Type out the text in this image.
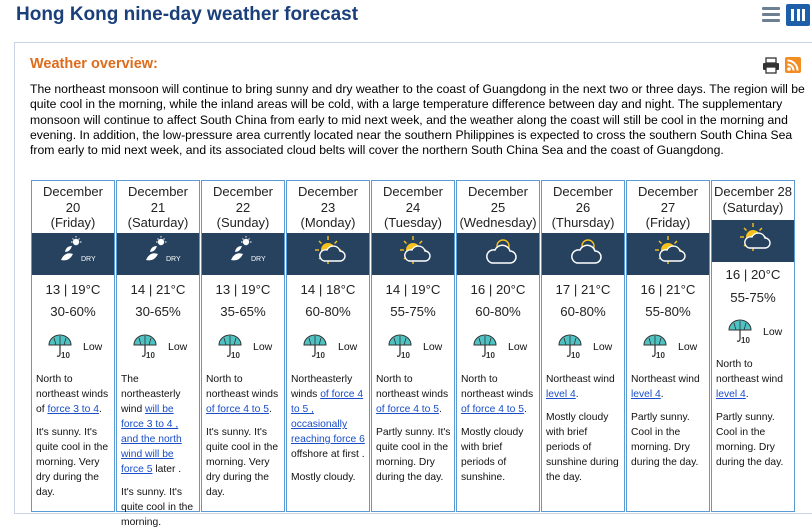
Hong Kong nine-day weather forecast
Weather overview:
The northeast monsoon will continue to bring sunny and dry weather to the coast of Guangdong in the next two or three days. The region will be quite cool in the morning, while the inland areas will be cold, with a large temperature difference between day and night. The supplementary monsoon will continue to affect South China from early to mid next week, and the weather along the coast will still be cool in the morning and evening. In addition, the low-pressure area currently located near the southern Philippines is expected to cross the southern South China Sea from early to mid next week, and its associated cloud belts will cover the northern South China Sea and the coast of Guangdong.
December
20
(Friday)
DRY
13 | 19°C
30-60%
10
Low
North to northeast winds of force 3 to 4.
It's sunny. It's quite cool in the morning. Very dry during the day.
December
21
(Saturday)
DRY
14 | 21°C
30-65%
10
Low
The northeasterly wind will be force 3 to 4 , and the north wind will be force 5 later .
It's sunny. It's quite cool in the morning.
December
22
(Sunday)
DRY
13 | 19°C
35-65%
10
Low
North to northeast winds of force 4 to 5.
It's sunny. It's quite cool in the morning. Very dry during the day.
December
23
(Monday)
14 | 18°C
60-80%
10
Low
Northeasterly winds of force 4 to 5 , occasionally reaching force 6 offshore at first .
Mostly cloudy.
December
24
(Tuesday)
14 | 19°C
55-75%
10
Low
North to northeast winds of force 4 to 5.
Partly sunny. It's quite cool in the morning. Dry during the day.
December
25
(Wednesday)
16 | 20°C
60-80%
10
Low
North to northeast winds of force 4 to 5.
Mostly cloudy with brief periods of sunshine.
December
26
(Thursday)
17 | 21°C
60-80%
10
Low
Northeast wind level 4.
Mostly cloudy with brief periods of sunshine during the day.
December
27
(Friday)
16 | 21°C
55-80%
10
Low
Northeast wind level 4.
Partly sunny. Cool in the morning. Dry during the day.
December 28
(Saturday)
16 | 20°C
55-75%
10
Low
North to northeast wind level 4.
Partly sunny. Cool in the morning. Dry during the day.
